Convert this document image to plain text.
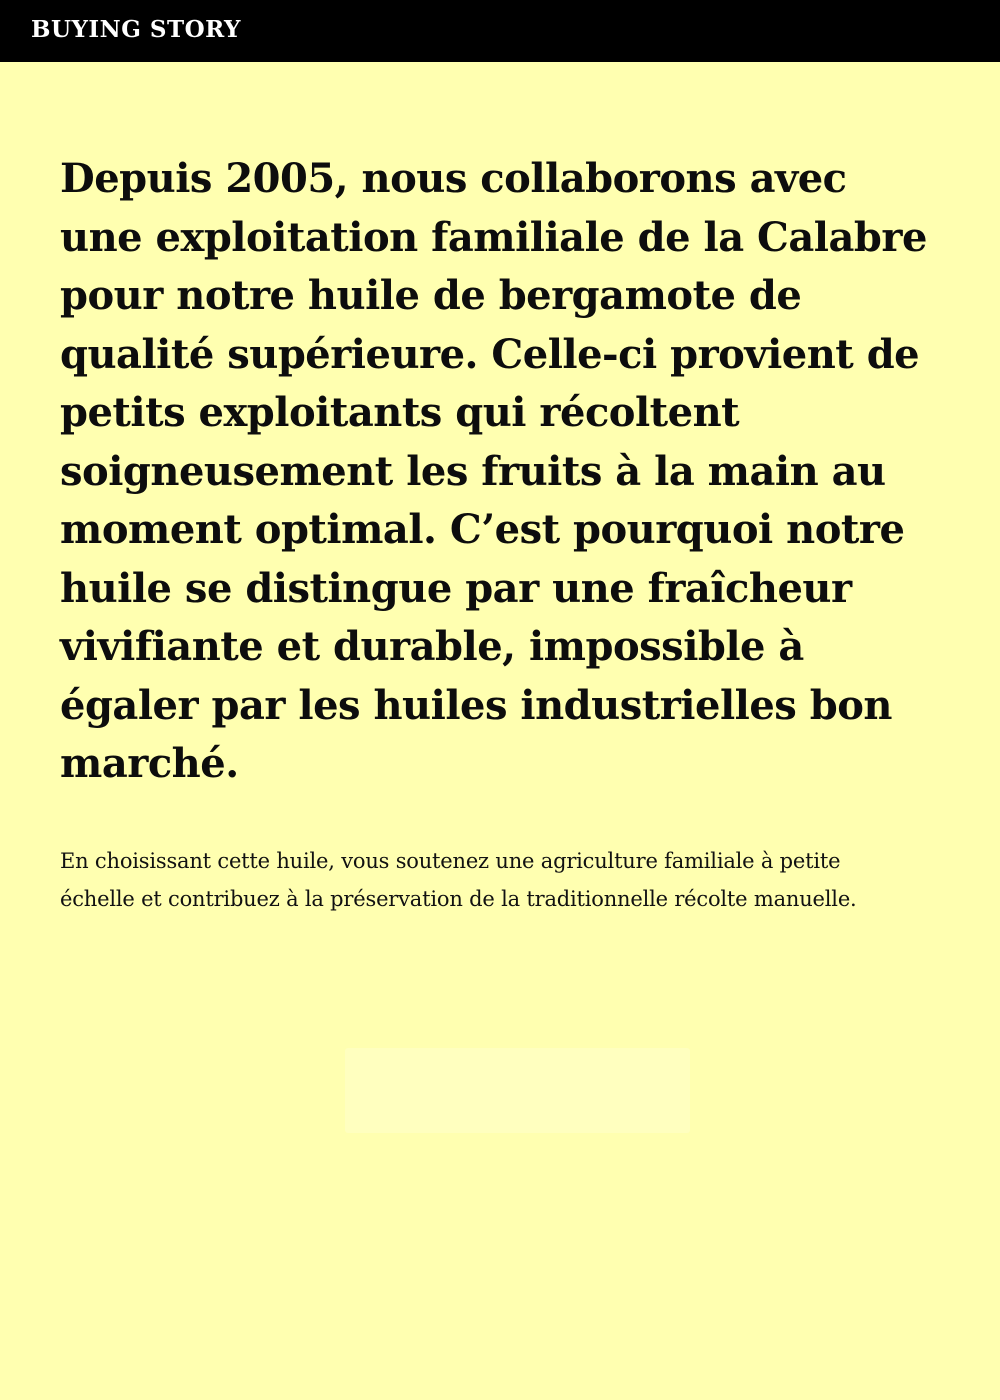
BUYING STORY

Depuis 2005, nous collaborons avec une exploitation familiale de la Calabre pour notre huile de bergamote de qualité supérieure. Celle-ci provient de petits exploitants qui récoltent soigneusement les fruits à la main au moment optimal. C’est pourquoi notre huile se distingue par une fraîcheur vivifiante et durable, impossible à égaler par les huiles industrielles bon marché.

En choisissant cette huile, vous soutenez une agriculture familiale à petite échelle et contribuez à la préservation de la traditionnelle récolte manuelle.
